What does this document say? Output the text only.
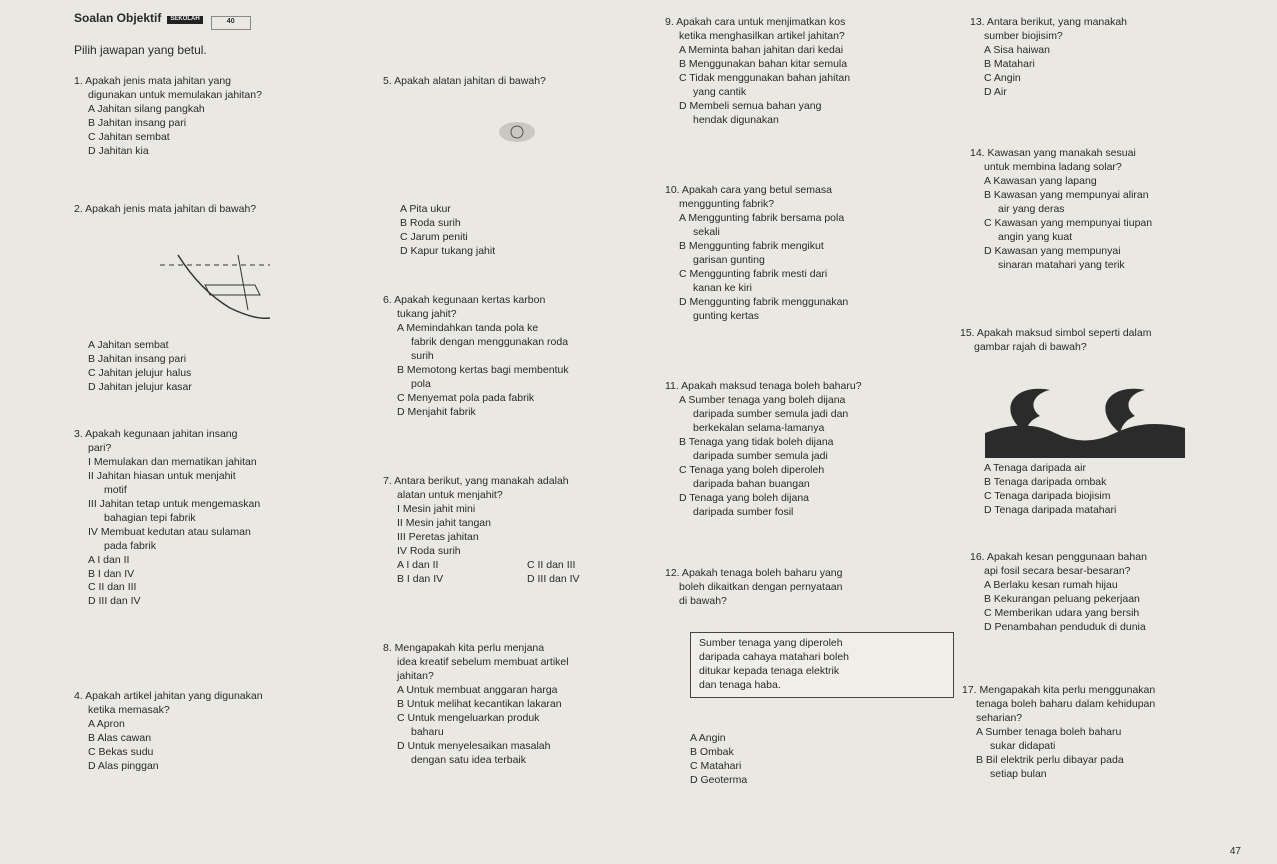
Soalan Objektif SEKOLAH	40
Pilih jawapan yang betul.
1. Apakah jenis mata jahitan yang
digunakan untuk memulakan jahitan?
A Jahitan silang pangkah
B Jahitan insang pari
C Jahitan sembat
D Jahitan kia
2. Apakah jenis mata jahitan di bawah?
A Jahitan sembat
B Jahitan insang pari
C Jahitan jelujur halus
D Jahitan jelujur kasar
3. Apakah kegunaan jahitan insang
pari?
I Memulakan dan mematikan jahitan
II Jahitan hiasan untuk menjahit
motif
III Jahitan tetap untuk mengemaskan
bahagian tepi fabrik
IV Membuat kedutan atau sulaman
pada fabrik
A I dan II
B I dan IV
C II dan III
D III dan IV
4. Apakah artikel jahitan yang digunakan
ketika memasak?
A Apron
B Alas cawan
C Bekas sudu
D Alas pinggan
5. Apakah alatan jahitan di bawah?
A Pita ukur
B Roda surih
C Jarum peniti
D Kapur tukang jahit
6. Apakah kegunaan kertas karbon
tukang jahit?
A Memindahkan tanda pola ke
fabrik dengan menggunakan roda
surih
B Memotong kertas bagi membentuk
pola
C Menyemat pola pada fabrik
D Menjahit fabrik
7. Antara berikut, yang manakah adalah
alatan untuk menjahit?
I Mesin jahit mini
II Mesin jahit tangan
III Peretas jahitan
IV Roda surih
A I dan II	C II dan III
B I dan IV	D III dan IV
8. Mengapakah kita perlu menjana
idea kreatif sebelum membuat artikel
jahitan?
A Untuk membuat anggaran harga
B Untuk melihat kecantikan lakaran
C Untuk mengeluarkan produk
baharu
D Untuk menyelesaikan masalah
dengan satu idea terbaik
9. Apakah cara untuk menjimatkan kos
ketika menghasilkan artikel jahitan?
A Meminta bahan jahitan dari kedai
B Menggunakan bahan kitar semula
C Tidak menggunakan bahan jahitan
yang cantik
D Membeli semua bahan yang
hendak digunakan
10. Apakah cara yang betul semasa
menggunting fabrik?
A Menggunting fabrik bersama pola
sekali
B Menggunting fabrik mengikut
garisan gunting
C Menggunting fabrik mesti dari
kanan ke kiri
D Menggunting fabrik menggunakan
gunting kertas
11. Apakah maksud tenaga boleh baharu?
A Sumber tenaga yang boleh dijana
daripada sumber semula jadi dan
berkekalan selama-lamanya
B Tenaga yang tidak boleh dijana
daripada sumber semula jadi
C Tenaga yang boleh diperoleh
daripada bahan buangan
D Tenaga yang boleh dijana
daripada sumber fosil
12. Apakah tenaga boleh baharu yang
boleh dikaitkan dengan pernyataan
di bawah?
Sumber tenaga yang diperoleh
daripada cahaya matahari boleh
ditukar kepada tenaga elektrik
dan tenaga haba.
A Angin
B Ombak
C Matahari
D Geoterma
13. Antara berikut, yang manakah
sumber biojisim?
A Sisa haiwan
B Matahari
C Angin
D Air
14. Kawasan yang manakah sesuai
untuk membina ladang solar?
A Kawasan yang lapang
B Kawasan yang mempunyai aliran
air yang deras
C Kawasan yang mempunyai tiupan
angin yang kuat
D Kawasan yang mempunyai
sinaran matahari yang terik
15. Apakah maksud simbol seperti dalam
gambar rajah di bawah?
A Tenaga daripada air
B Tenaga daripada ombak
C Tenaga daripada biojisim
D Tenaga daripada matahari
16. Apakah kesan penggunaan bahan
api fosil secara besar-besaran?
A Berlaku kesan rumah hijau
B Kekurangan peluang pekerjaan
C Memberikan udara yang bersih
D Penambahan penduduk di dunia
17. Mengapakah kita perlu menggunakan
tenaga boleh baharu dalam kehidupan
seharian?
A Sumber tenaga boleh baharu
sukar didapati
B Bil elektrik perlu dibayar pada
setiap bulan
47
